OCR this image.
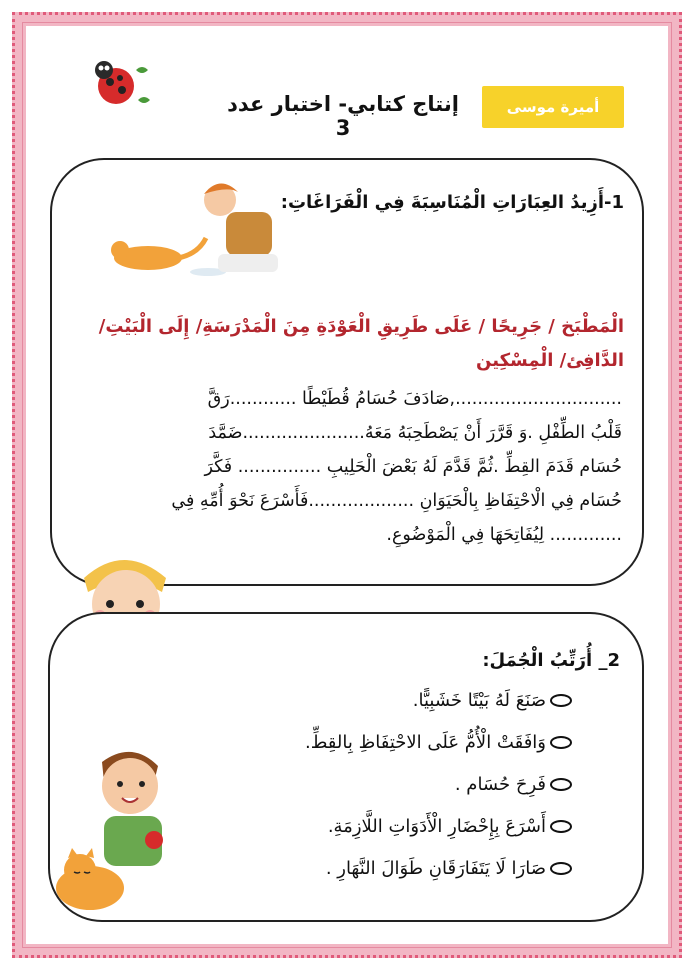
أميرة موسى
إنتاج كتابي- اختبار عدد 3
1-أَزِيدُ العِبَارَاتِ الْمُنَاسِبَةَ فِي الْفَرَاغَاتِ:
الْمَطْبَخ / جَرِيحًا / عَلَى طَرِيقِ الْعَوْدَةِ مِنَ الْمَدْرَسَةِ/ إِلَى الْبَيْتِ/
الدَّافِئ/ الْمِسْكِين
..............................,صَادَفَ حُسَامُ قُطَيْطًا ............رَقَّ
قَلْبُ الطِّفْلِ .وَ قَرَّرَ أَنْ يَصْطَحِبَهُ مَعَهُ......................ضَمَّدَ
حُسَام قَدَمَ القِطِّ .ثُمَّ قَدَّمَ لَهُ بَعْضَ الْحَلِيبِ ............... فَكَّرَ
حُسَام فِي الْاحْتِفَاظِ بِالْحَيَوَانِ ...................فَأَسْرَعَ نَحْوَ أُمِّهِ فِي
............. لِيُفَاتِحَهَا فِي الْمَوْضُوعِ.
2_ أُرَتِّبُ الْجُمَلَ:
صَنَعَ لَهُ بَيْتًا خَشَبِيًّا.
وَافَقَتْ الْأُمُّ عَلَى الاحْتِفَاظِ بِالقِطِّ.
فَرِحَ حُسَام .
أَسْرَعَ بِإِحْضَارِ الْأَدَوَاتِ اللَّازِمَةِ.
صَارَا لَا يَتَفَارَقَانِ طَوَالَ النَّهَارِ .
